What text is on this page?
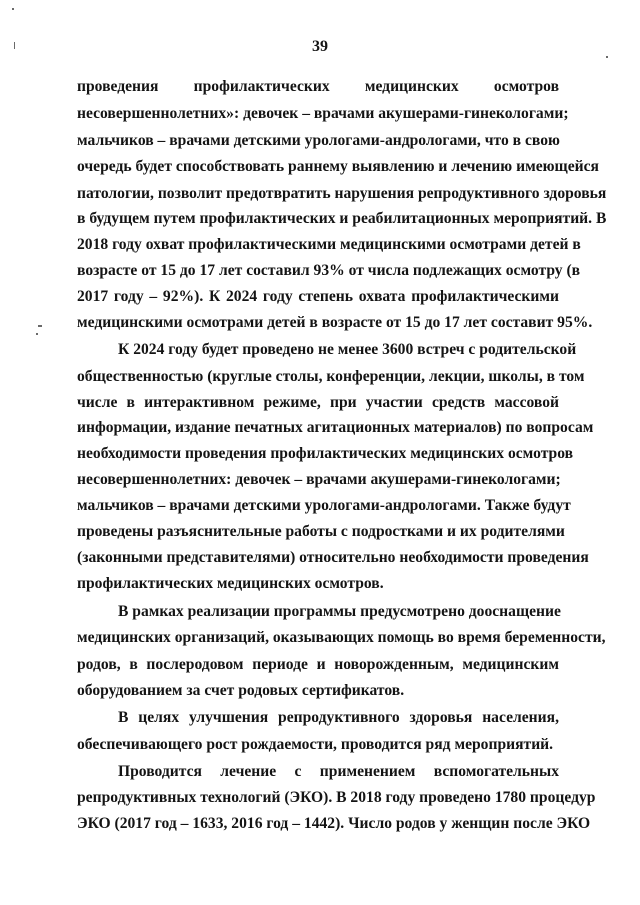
39
проведения профилактических медицинских осмотров
несовершеннолетних»: девочек – врачами акушерами-гинекологами;
мальчиков – врачами детскими урологами-андрологами, что в свою
очередь будет способствовать раннему выявлению и лечению имеющейся
патологии, позволит предотвратить нарушения репродуктивного здоровья
в будущем путем профилактических и реабилитационных мероприятий. В
2018 году охват профилактическими медицинскими осмотрами детей в
возрасте от 15 до 17 лет составил 93% от числа подлежащих осмотру (в
2017 году – 92%). К 2024 году степень охвата профилактическими
медицинскими осмотрами детей в возрасте от 15 до 17 лет составит 95%.
К 2024 году будет проведено не менее 3600 встреч с родительской
общественностью (круглые столы, конференции, лекции, школы, в том
числе в интерактивном режиме, при участии средств массовой
информации, издание печатных агитационных материалов) по вопросам
необходимости проведения профилактических медицинских осмотров
несовершеннолетних: девочек – врачами акушерами-гинекологами;
мальчиков – врачами детскими урологами-андрологами. Также будут
проведены разъяснительные работы с подростками и их родителями
(законными представителями) относительно необходимости проведения
профилактических медицинских осмотров.
В рамках реализации программы предусмотрено дооснащение
медицинских организаций, оказывающих помощь во время беременности,
родов, в послеродовом периоде и новорожденным, медицинским
оборудованием за счет родовых сертификатов.
В целях улучшения репродуктивного здоровья населения,
обеспечивающего рост рождаемости, проводится ряд мероприятий.
Проводится лечение с применением вспомогательных
репродуктивных технологий (ЭКО). В 2018 году проведено 1780 процедур
ЭКО (2017 год – 1633, 2016 год – 1442). Число родов у женщин после ЭКО
